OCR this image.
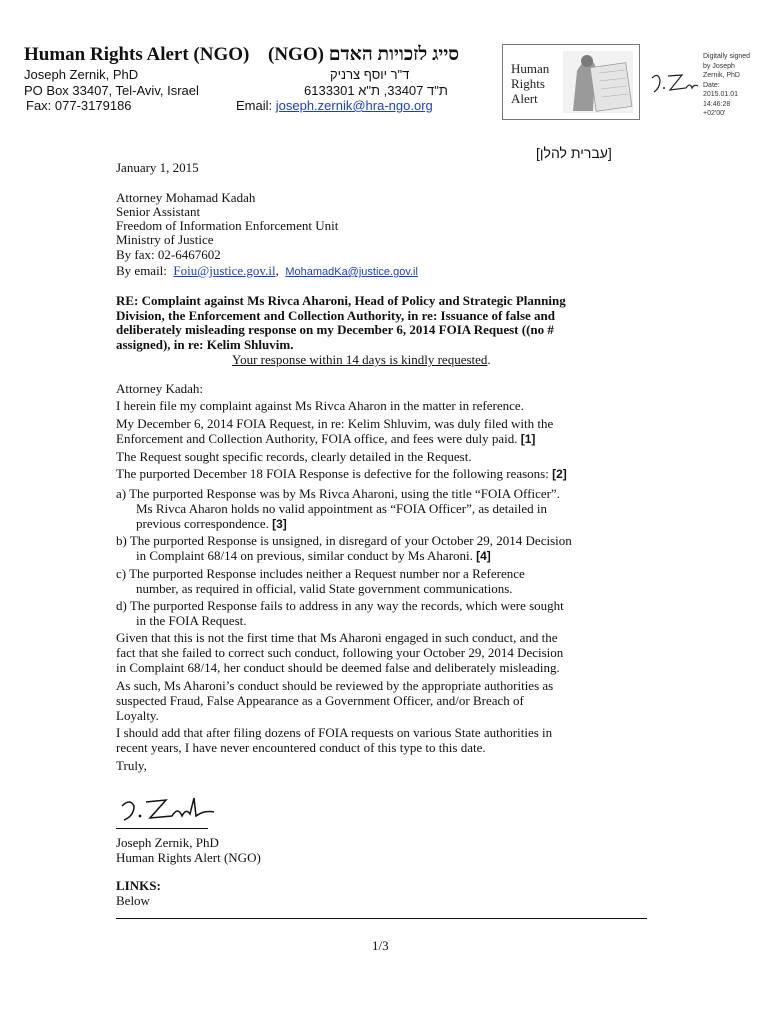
Human Rights Alert (NGO) (NGO) סייג לזכויות האדם
Joseph Zernik, PhD	ד"ר יוסף צרניק
PO Box 33407, Tel-Aviv, Israel	ת"ד 33407, ת"א 6133301
Fax: 077-3179186	Email: joseph.zernik@hra-ngo.org
Human
Rights
Alert
Digitally signed
by Joseph
Zernik, PhD
Date:
2015.01.01
14:46:28
+02'00'
[עברית להלן]
January 1, 2015
Attorney Mohamad Kadah
Senior Assistant
Freedom of Information Enforcement Unit
Ministry of Justice
By fax: 02-6467602
By email: Foiu@justice.gov.il,  MohamadKa@justice.gov.il
RE: Complaint against Ms Rivca Aharoni, Head of Policy and Strategic Planning
Division, the Enforcement and Collection Authority, in re: Issuance of false and
deliberately misleading response on my December 6, 2014 FOIA Request ((no #
assigned), in re: Kelim Shluvim.
Your response within 14 days is kindly requested.
Attorney Kadah:
I herein file my complaint against Ms Rivca Aharon in the matter in reference.
My December 6, 2014 FOIA Request, in re: Kelim Shluvim, was duly filed with the
Enforcement and Collection Authority, FOIA office, and fees were duly paid. [1]
The Request sought specific records, clearly detailed in the Request.
The purported December 18 FOIA Response is defective for the following reasons: [2]
a) The purported Response was by Ms Rivca Aharoni, using the title “FOIA Officer”.
Ms Rivca Aharon holds no valid appointment as “FOIA Officer”, as detailed in
previous correspondence. [3]
b) The purported Response is unsigned, in disregard of your October 29, 2014 Decision
in Complaint 68/14 on previous, similar conduct by Ms Aharoni. [4]
c) The purported Response includes neither a Request number nor a Reference
number, as required in official, valid State government communications.
d) The purported Response fails to address in any way the records, which were sought
in the FOIA Request.
Given that this is not the first time that Ms Aharoni engaged in such conduct, and the
fact that she failed to correct such conduct, following your October 29, 2014 Decision
in Complaint 68/14, her conduct should be deemed false and deliberately misleading.
As such, Ms Aharoni’s conduct should be reviewed by the appropriate authorities as
suspected Fraud, False Appearance as a Government Officer, and/or Breach of
Loyalty.
I should add that after filing dozens of FOIA requests on various State authorities in
recent years, I have never encountered conduct of this type to this date.
Truly,
Joseph Zernik, PhD
Human Rights Alert (NGO)
LINKS:
Below
1/3
